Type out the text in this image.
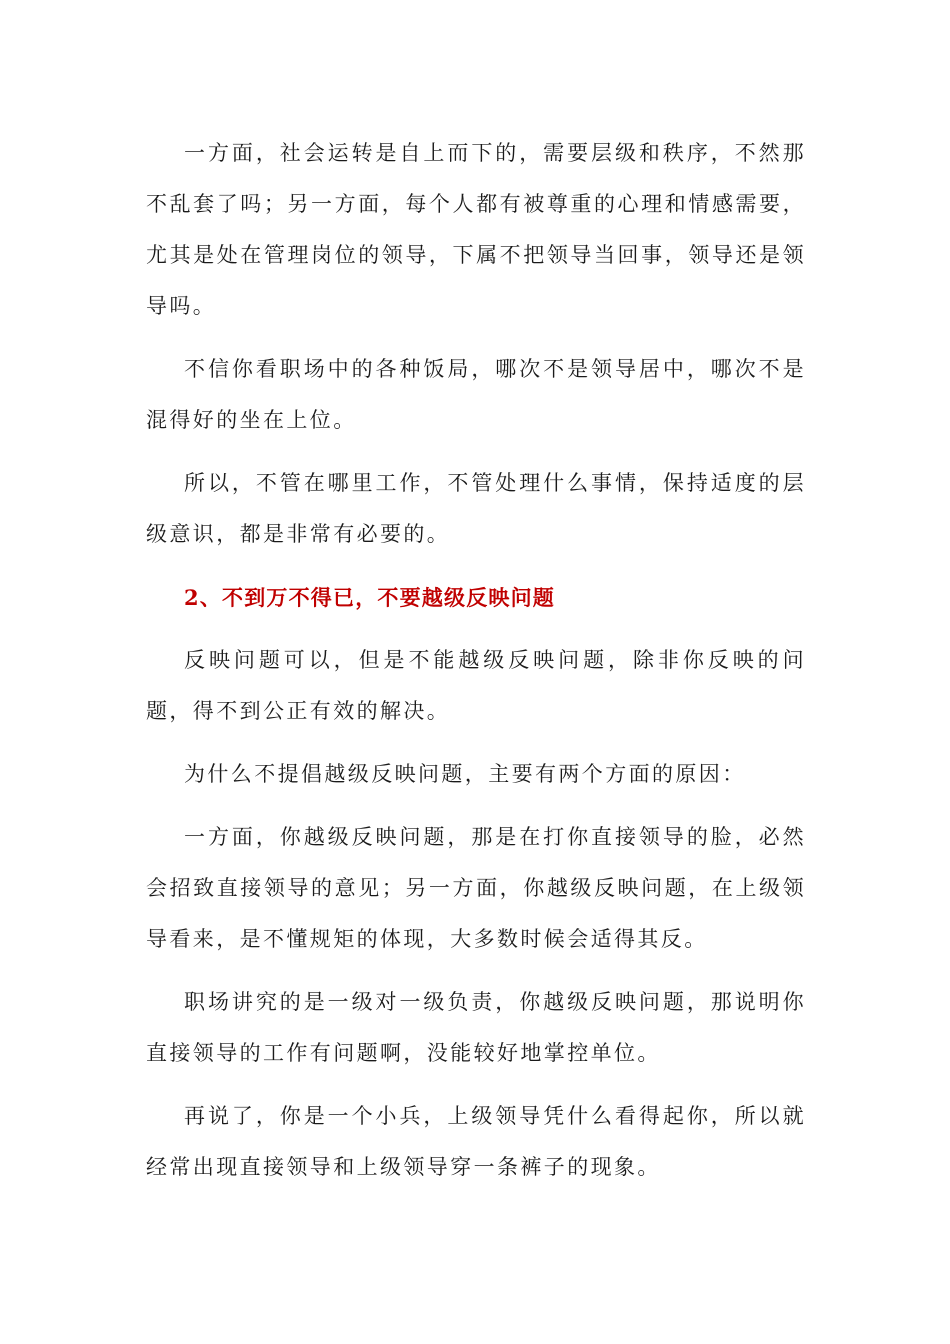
一方面，社会运转是自上而下的，需要层级和秩序，不然那不乱套了吗；另一方面，每个人都有被尊重的心理和情感需要，尤其是处在管理岗位的领导，下属不把领导当回事，领导还是领导吗。

不信你看职场中的各种饭局，哪次不是领导居中，哪次不是混得好的坐在上位。

所以，不管在哪里工作，不管处理什么事情，保持适度的层级意识，都是非常有必要的。

2、不到万不得已，不要越级反映问题

反映问题可以，但是不能越级反映问题，除非你反映的问题，得不到公正有效的解决。

为什么不提倡越级反映问题，主要有两个方面的原因：

一方面，你越级反映问题，那是在打你直接领导的脸，必然会招致直接领导的意见；另一方面，你越级反映问题，在上级领导看来，是不懂规矩的体现，大多数时候会适得其反。

职场讲究的是一级对一级负责，你越级反映问题，那说明你直接领导的工作有问题啊，没能较好地掌控单位。

再说了，你是一个小兵，上级领导凭什么看得起你，所以就经常出现直接领导和上级领导穿一条裤子的现象。
